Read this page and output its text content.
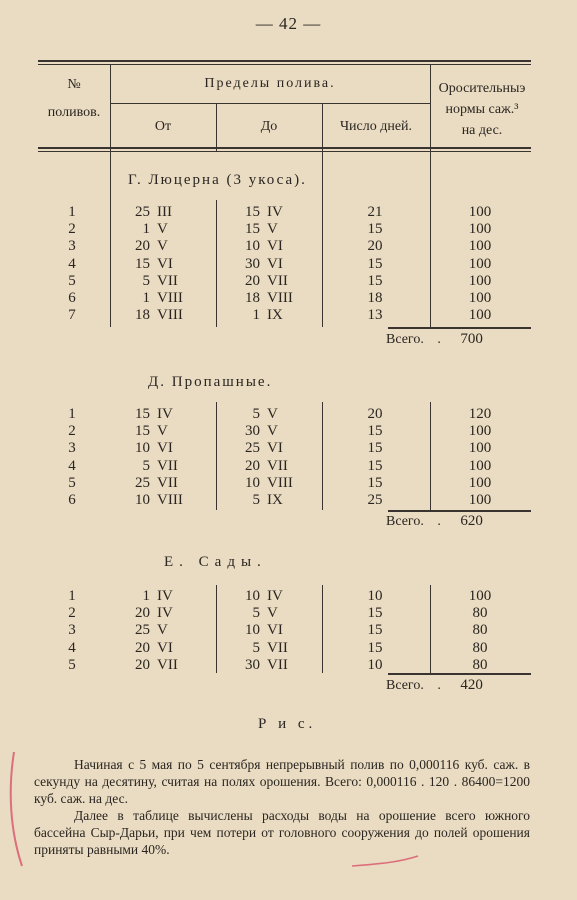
— 42 —
№
поливов.
Пределы полива.
От	До	Число дней.
Оросительныэ
нормы саж.³
на дес.
Г. Люцерна (3 укоса).
Д. Пропашные.
Е. Сады.
1	25 III	15 IV	21	100
2	1 V	15 V	15	100
3	20 V	10 VI	20	100
4	15 VI	30 VI	15	100
5	5 VII	20 VII	15	100
6	1 VIII	18 VIII	18	100
7	18 VIII	1 IX	13	100
1	15 IV	5 V	20	120
2	15 V	30 V	15	100
3	10 VI	25 VI	15	100
4	5 VII	20 VII	15	100
5	25 VII	10 VIII	15	100
6	10 VIII	5 IX	25	100
1	1 IV	10 IV	10	100
2	20 IV	5 V	15	80
3	25 V	10 VI	15	80
4	20 VI	5 VII	15	80
5	20 VII	30 VII	10	80
Всего. . 700
Всего. . 620
Всего. . 420
Р и с.

Начиная с 5 мая по 5 сентября непрерывный полив по 0,000116 куб. саж. в секунду на десятину, считая на полях орошения. Всего: 0,000116 . 120 . 86400=1200 куб. саж. на дес.

Далее в таблице вычислены расходы воды на орошение всего южного бассейна Сыр-Дарьи, при чем потери от головного сооружения до полей орошения приняты равными 40%.
